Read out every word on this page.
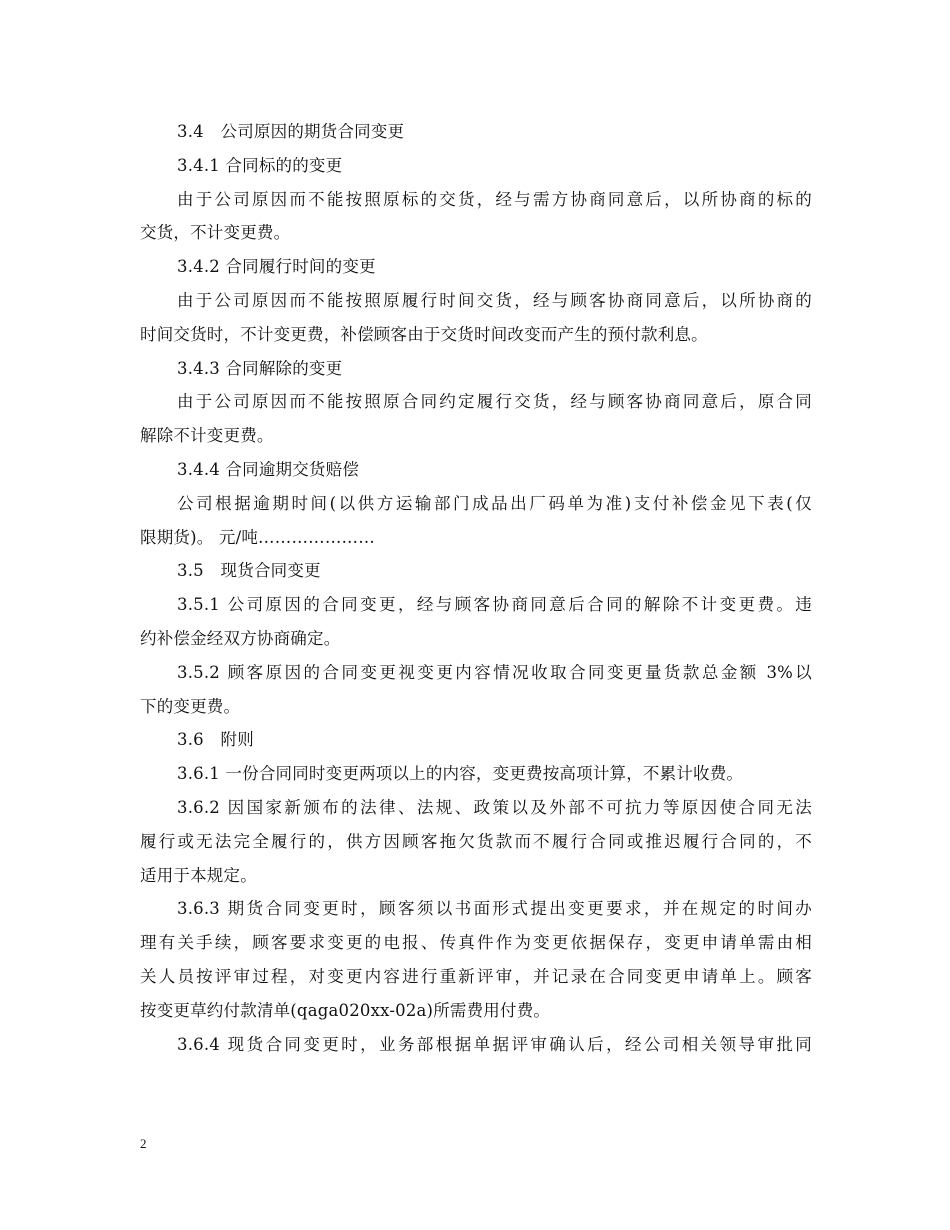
3.4　公司原因的期货合同变更
3.4.1 合同标的的变更
由于公司原因而不能按照原标的交货，经与需方协商同意后，以所协商的标的
交货，不计变更费。
3.4.2 合同履行时间的变更
由于公司原因而不能按照原履行时间交货，经与顾客协商同意后，以所协商的
时间交货时，不计变更费，补偿顾客由于交货时间改变而产生的预付款利息。
3.4.3 合同解除的变更
由于公司原因而不能按照原合同约定履行交货，经与顾客协商同意后，原合同
解除不计变更费。
3.4.4 合同逾期交货赔偿
公司根据逾期时间(以供方运输部门成品出厂码单为准)支付补偿金见下表(仅
限期货)。 元/吨…………………
3.5　现货合同变更
3.5.1 公司原因的合同变更，经与顾客协商同意后合同的解除不计变更费。违
约补偿金经双方协商确定。
3.5.2 顾客原因的合同变更视变更内容情况收取合同变更量货款总金额 3%以
下的变更费。
3.6　附则
3.6.1 一份合同同时变更两项以上的内容，变更费按高项计算，不累计收费。
3.6.2 因国家新颁布的法律、法规、政策以及外部不可抗力等原因使合同无法
履行或无法完全履行的，供方因顾客拖欠货款而不履行合同或推迟履行合同的，不
适用于本规定。
3.6.3 期货合同变更时，顾客须以书面形式提出变更要求，并在规定的时间办
理有关手续，顾客要求变更的电报、传真件作为变更依据保存，变更申请单需由相
关人员按评审过程，对变更内容进行重新评审，并记录在合同变更申请单上。顾客
按变更草约付款清单(qaga020xx-02a)所需费用付费。
3.6.4 现货合同变更时，业务部根据单据评审确认后，经公司相关领导审批同
2
